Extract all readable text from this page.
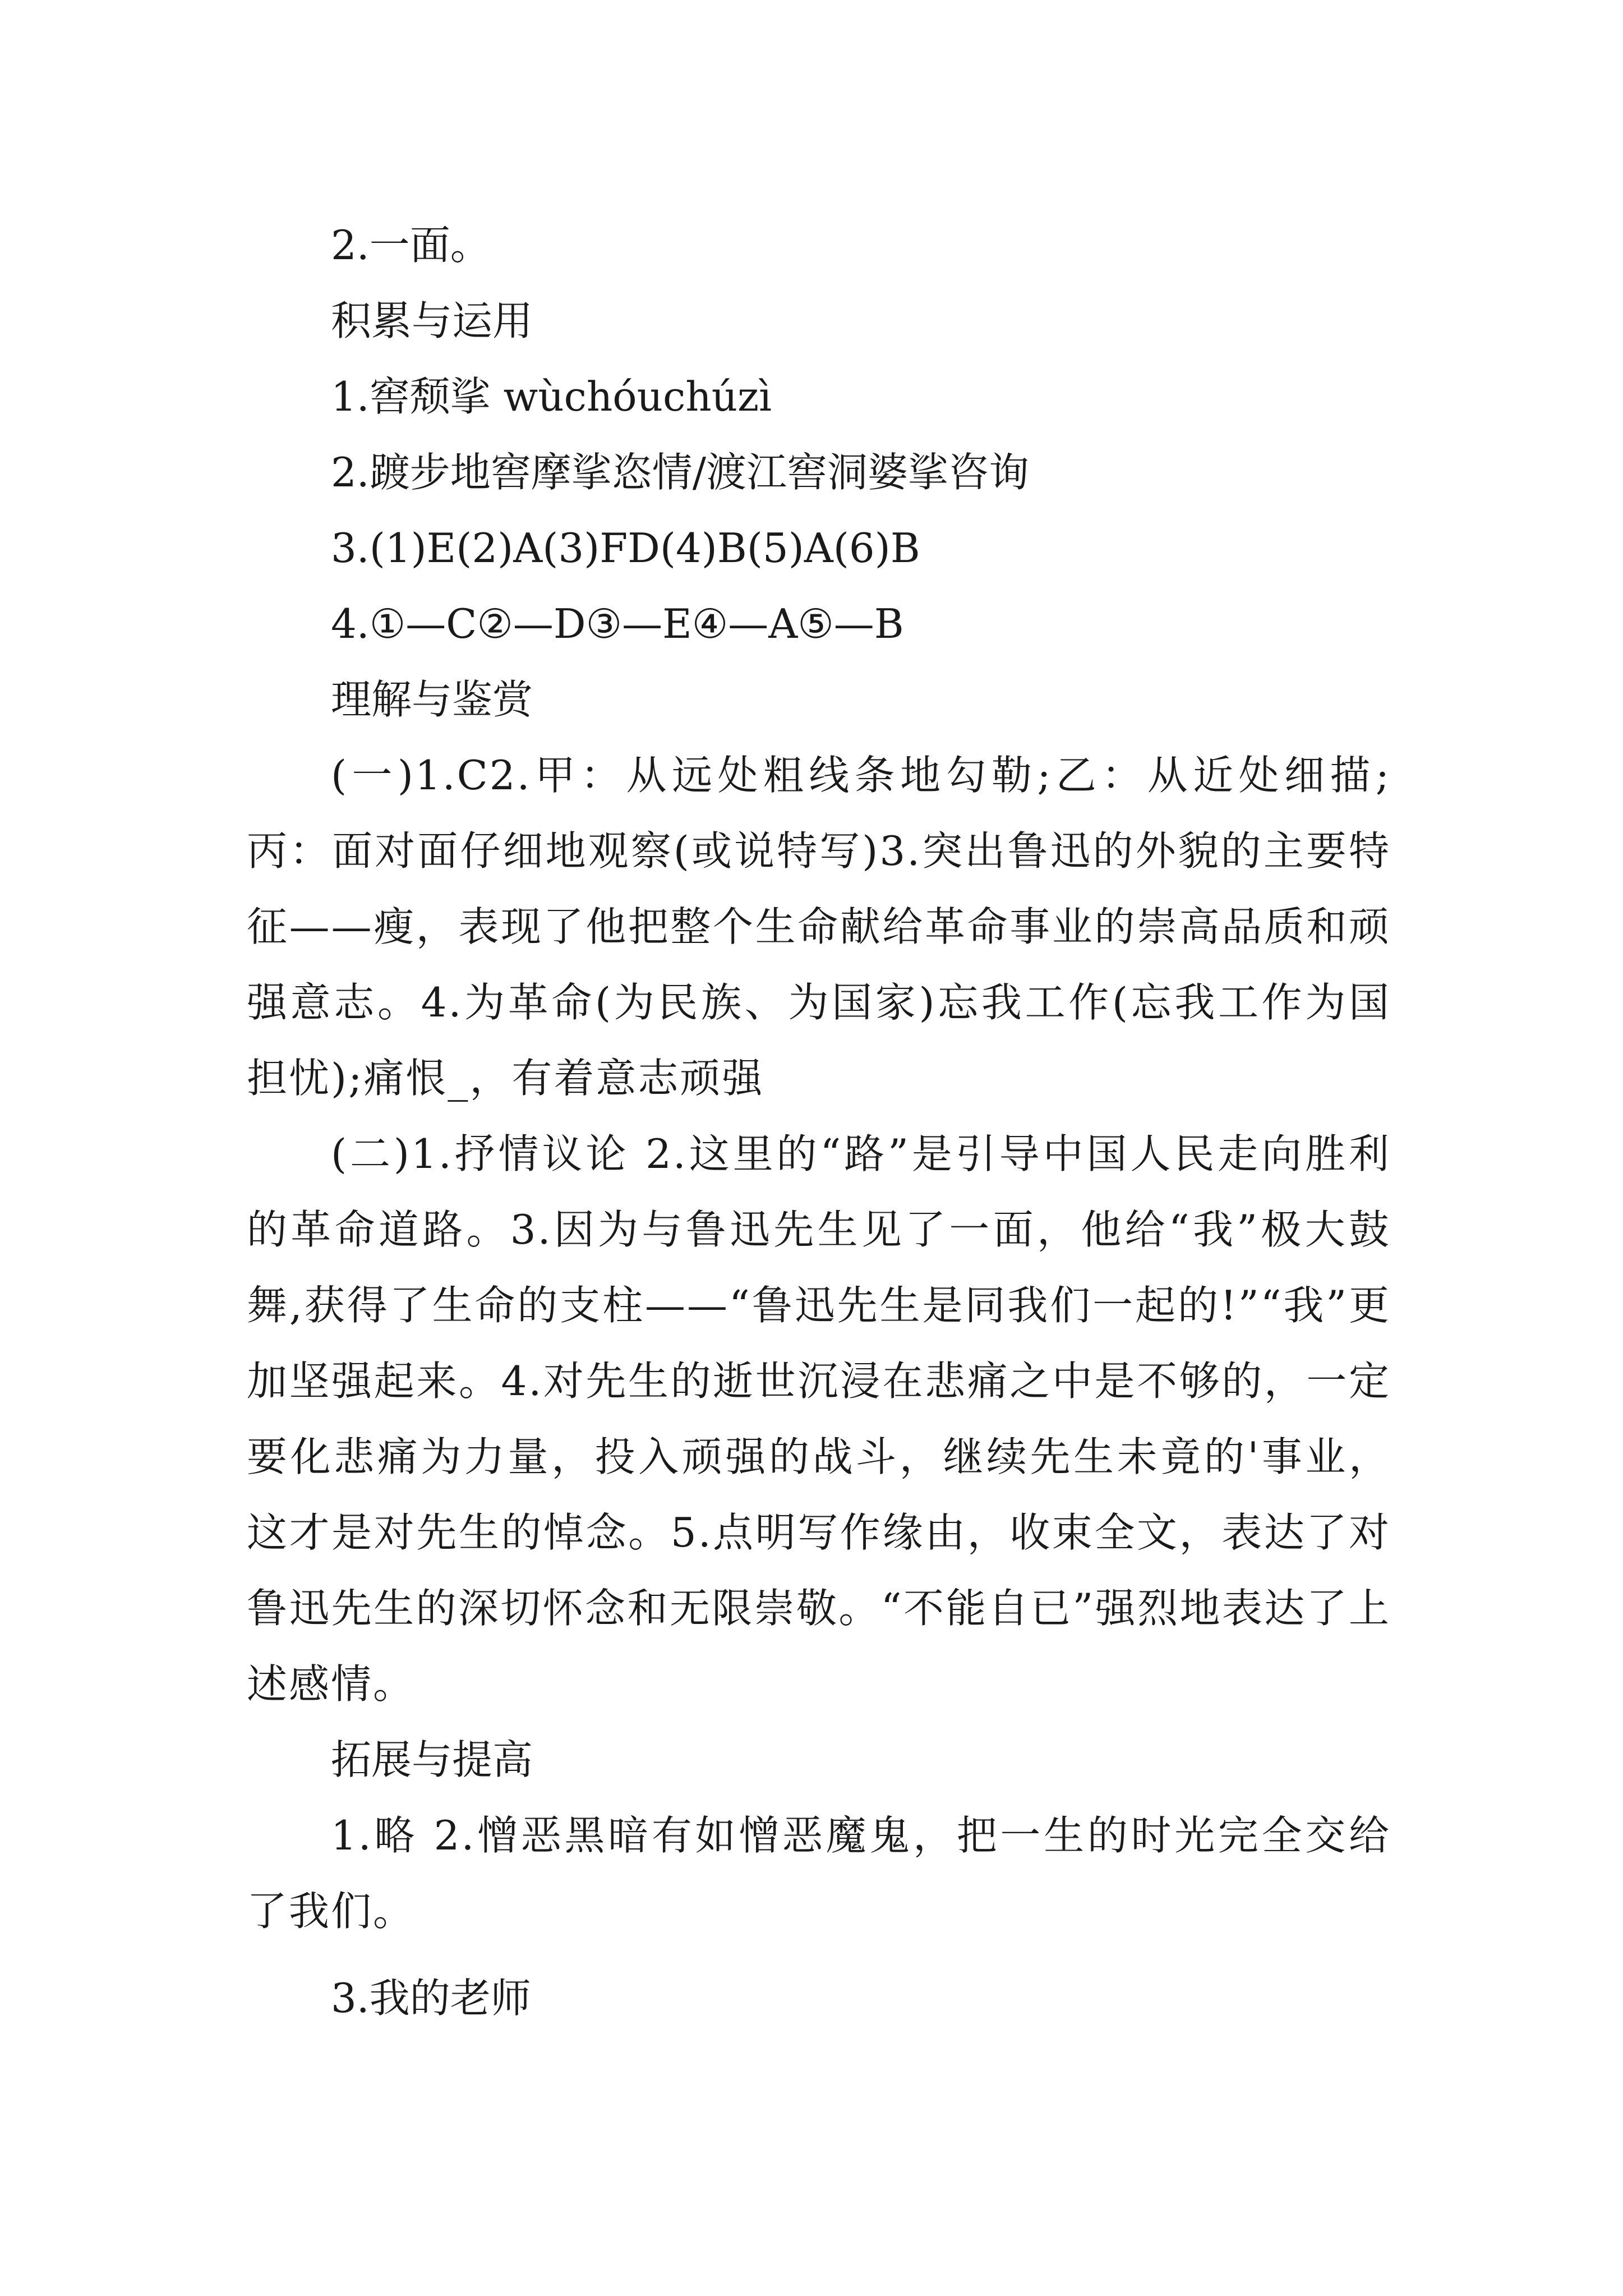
2.一面。
积累与运用
1.窖颓挲 wùchóuchúzì
2.踱步地窖摩挲恣情/渡江窖洞婆挲咨询
3.(1)E(2)A(3)FD(4)B(5)A(6)B
4.①—C②—D③—E④—A⑤—B
理解与鉴赏
(一)1.C2.甲：从远处粗线条地勾勒;乙：从近处细描;丙：面对面仔细地观察(或说特写)3.突出鲁迅的外貌的主要特征——瘦，表现了他把整个生命献给革命事业的崇高品质和顽强意志。4.为革命(为民族、为国家)忘我工作(忘我工作为国担忧);痛恨_，有着意志顽强
(二)1.抒情议论 2.这里的“路”是引导中国人民走向胜利的革命道路。3.因为与鲁迅先生见了一面，他给“我”极大鼓舞,获得了生命的支柱——“鲁迅先生是同我们一起的!”“我”更加坚强起来。4.对先生的逝世沉浸在悲痛之中是不够的，一定要化悲痛为力量，投入顽强的战斗，继续先生未竟的'事业，这才是对先生的悼念。5.点明写作缘由，收束全文，表达了对鲁迅先生的深切怀念和无限崇敬。“不能自已”强烈地表达了上述感情。
拓展与提高
1.略 2.憎恶黑暗有如憎恶魔鬼，把一生的时光完全交给了我们。
3.我的老师
